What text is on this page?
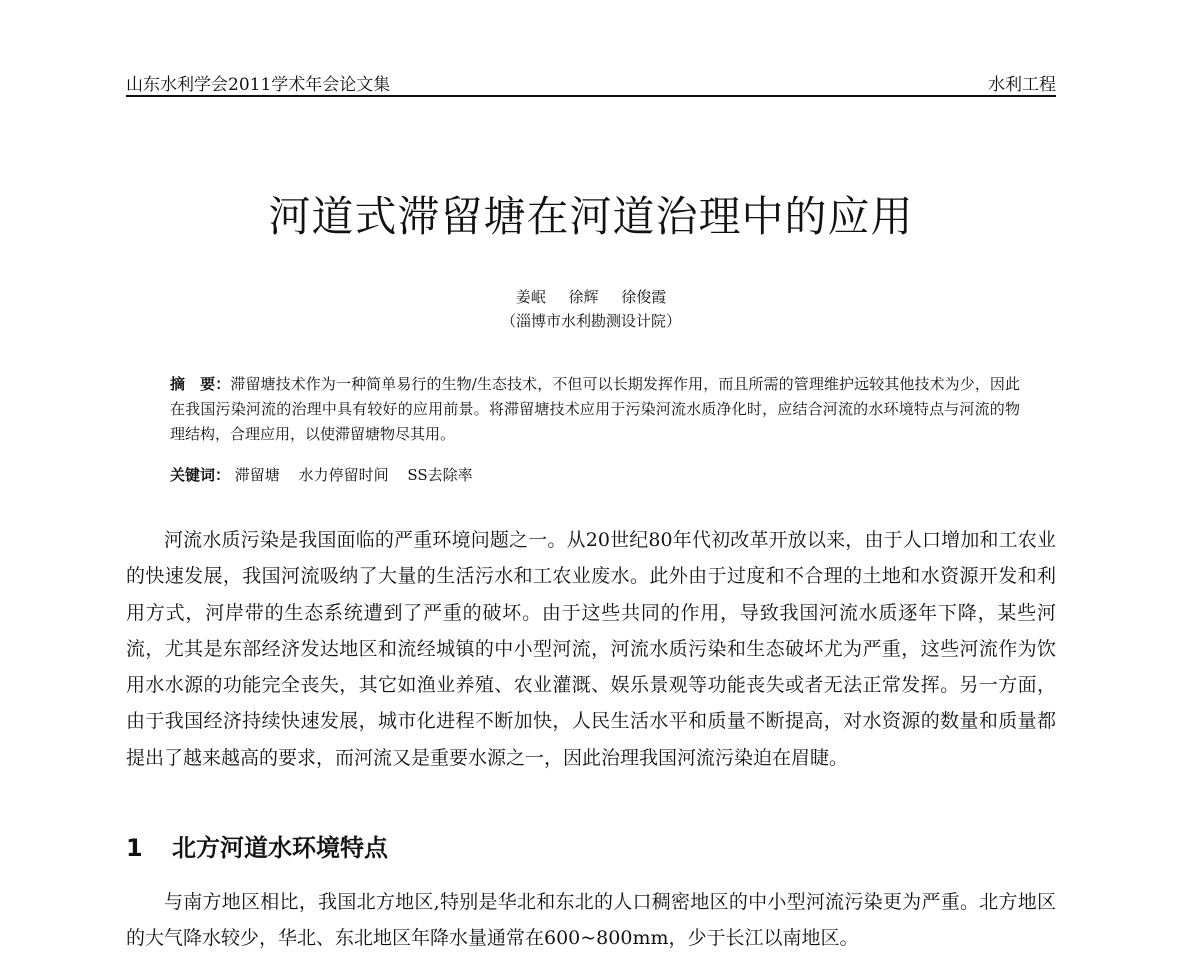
山东水利学会2011学术年会论文集	水利工程
河道式滞留塘在河道治理中的应用
姜岷 徐辉 徐俊霞
（淄博市水利勘测设计院）
摘　要：滞留塘技术作为一种简单易行的生物/生态技术，不但可以长期发挥作用，而且所需的管理维护远较其他技术为少，因此在我国污染河流的治理中具有较好的应用前景。将滞留塘技术应用于污染河流水质净化时，应结合河流的水环境特点与河流的物理结构，合理应用，以使滞留塘物尽其用。
关键词： 滞留塘 水力停留时间 SS去除率
河流水质污染是我国面临的严重环境问题之一。从20世纪80年代初改革开放以来，由于人口增加和工农业的快速发展，我国河流吸纳了大量的生活污水和工农业废水。此外由于过度和不合理的土地和水资源开发和利用方式，河岸带的生态系统遭到了严重的破坏。由于这些共同的作用，导致我国河流水质逐年下降，某些河流，尤其是东部经济发达地区和流经城镇的中小型河流，河流水质污染和生态破坏尤为严重，这些河流作为饮用水水源的功能完全丧失，其它如渔业养殖、农业灌溉、娱乐景观等功能丧失或者无法正常发挥。另一方面，由于我国经济持续快速发展，城市化进程不断加快，人民生活水平和质量不断提高，对水资源的数量和质量都提出了越来越高的要求，而河流又是重要水源之一，因此治理我国河流污染迫在眉睫。
1 北方河道水环境特点
与南方地区相比，我国北方地区,特别是华北和东北的人口稠密地区的中小型河流污染更为严重。北方地区的大气降水较少，华北、东北地区年降水量通常在600~800mm，少于长江以南地区。
